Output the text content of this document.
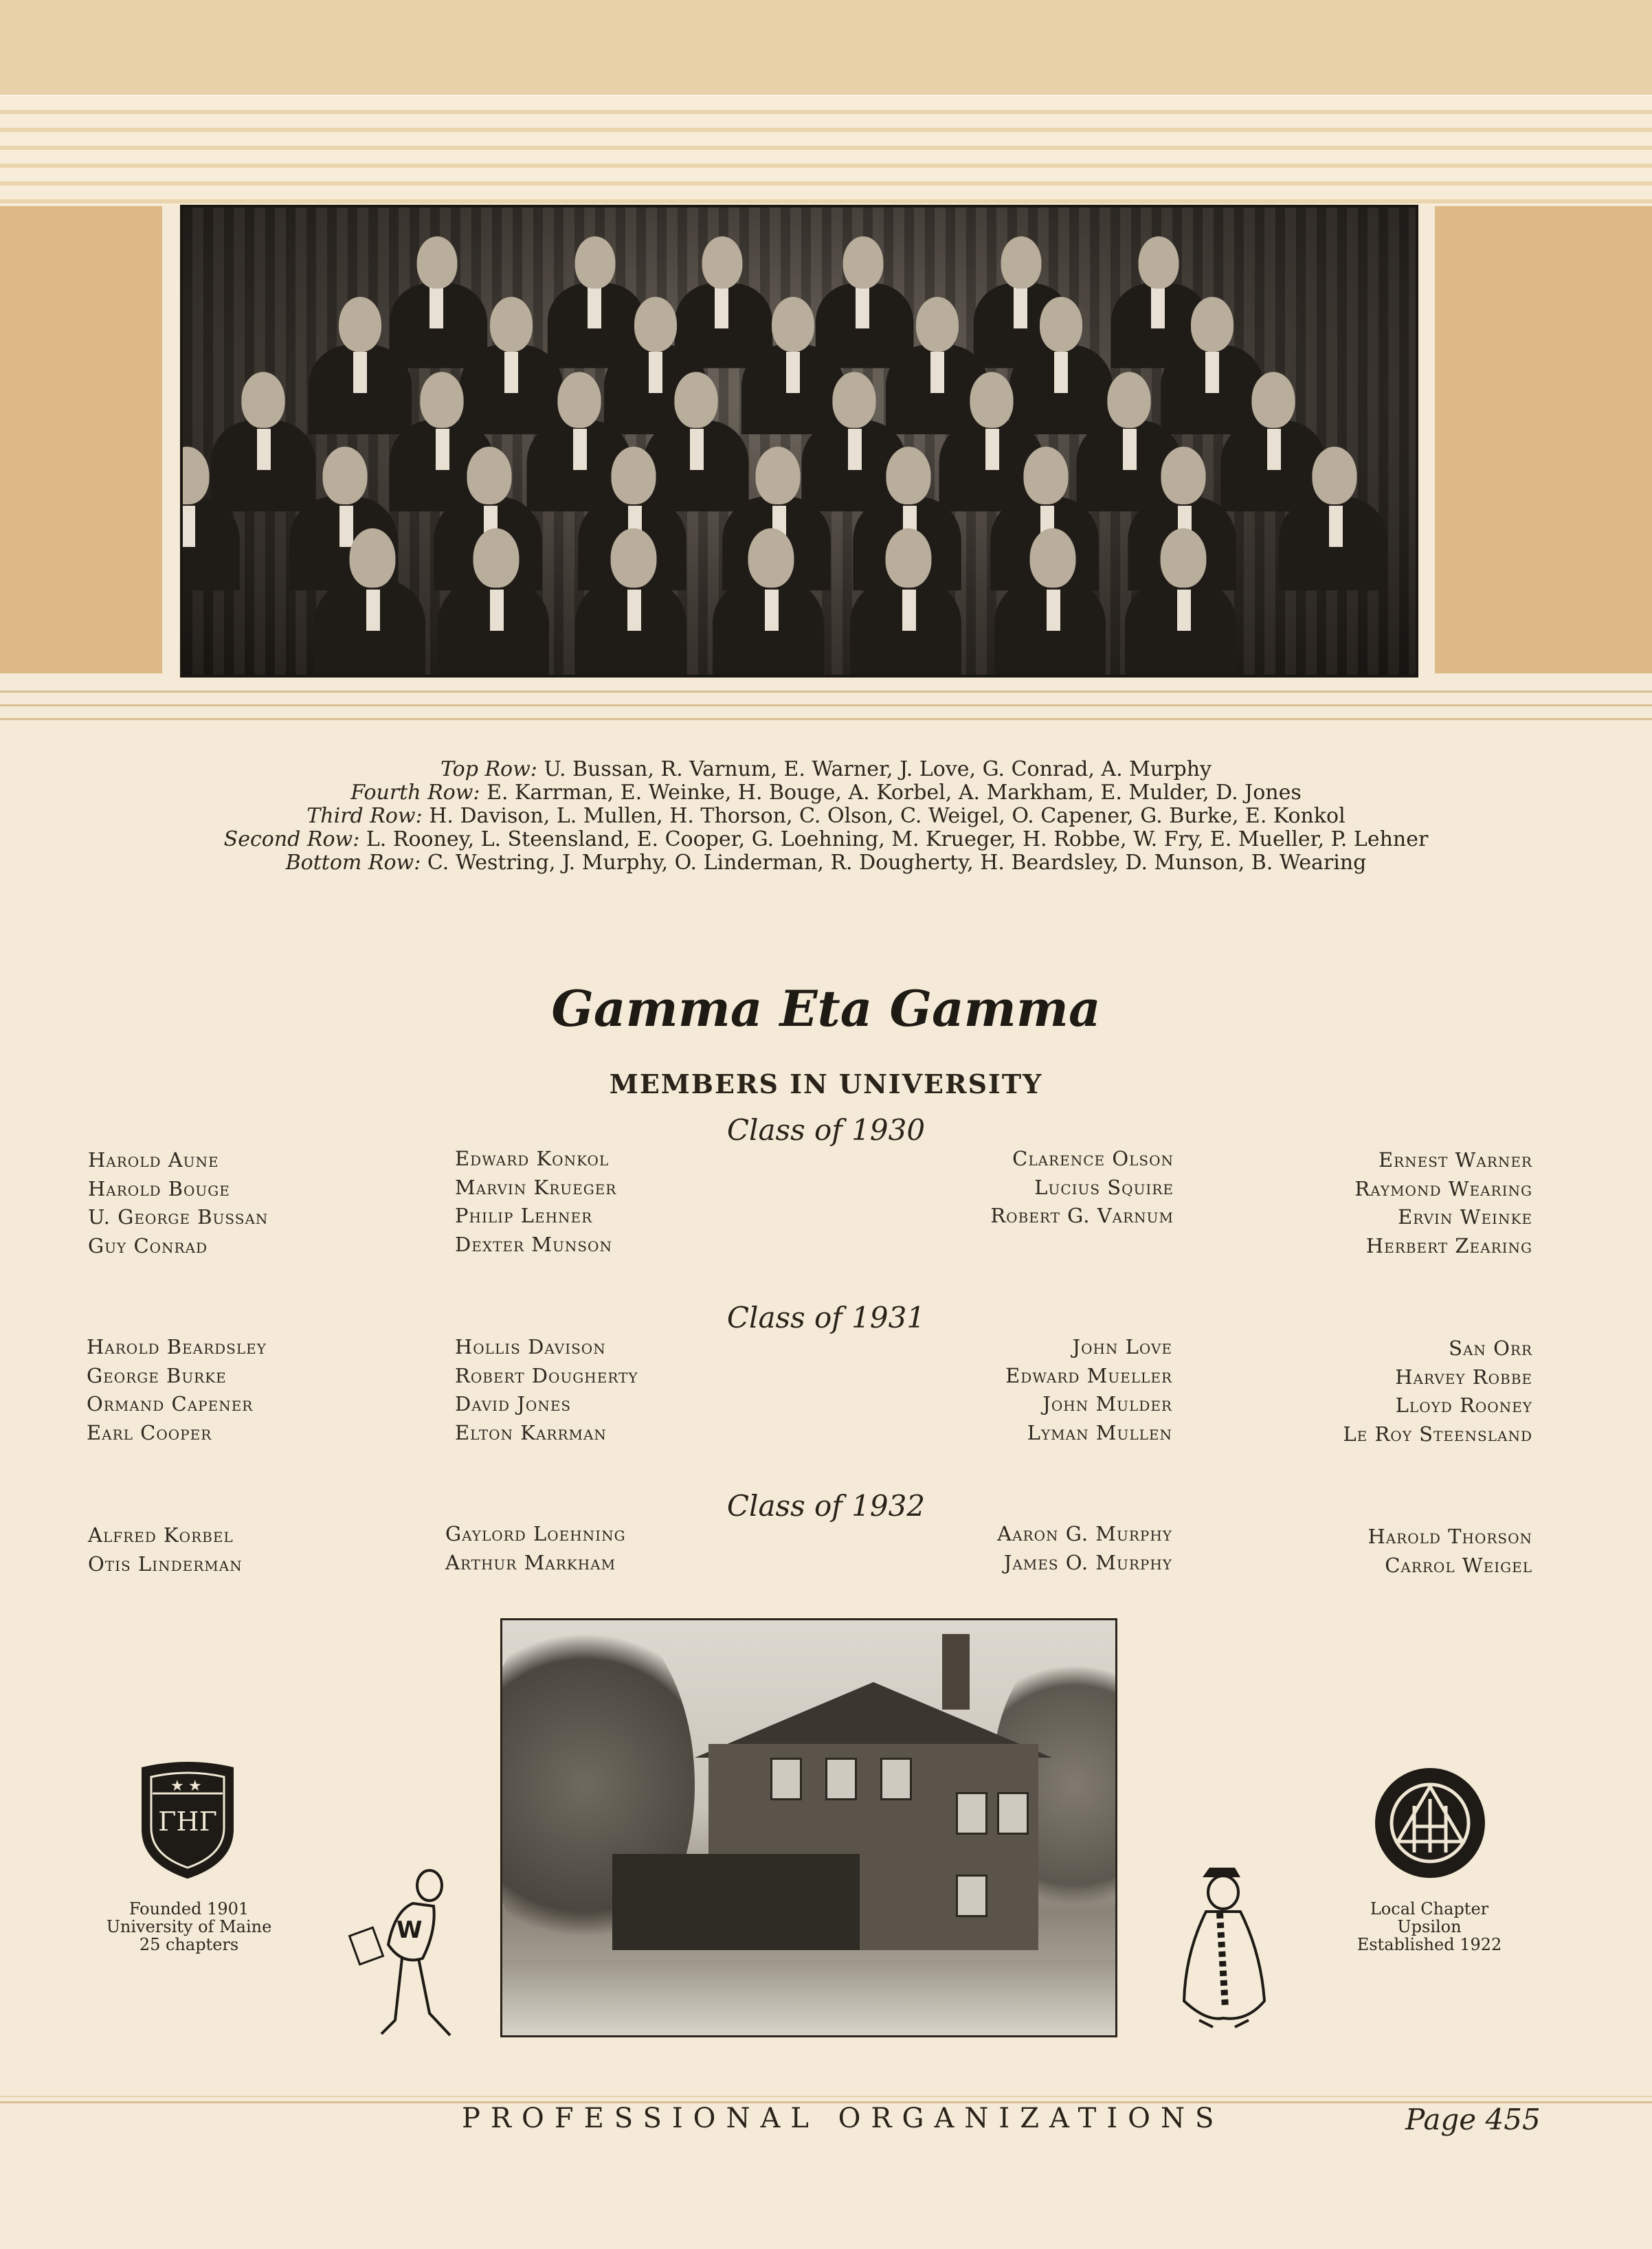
Top Row: U. Bussan, R. Varnum, E. Warner, J. Love, G. Conrad, A. Murphy
Fourth Row: E. Karrman, E. Weinke, H. Bouge, A. Korbel, A. Markham, E. Mulder, D. Jones
Third Row: H. Davison, L. Mullen, H. Thorson, C. Olson, C. Weigel, O. Capener, G. Burke, E. Konkol
Second Row: L. Rooney, L. Steensland, E. Cooper, G. Loehning, M. Krueger, H. Robbe, W. Fry, E. Mueller, P. Lehner
Bottom Row: C. Westring, J. Murphy, O. Linderman, R. Dougherty, H. Beardsley, D. Munson, B. Wearing
Gamma Eta Gamma
MEMBERS IN UNIVERSITY
Class of 1930
Harold Aune
Harold Bouge
U. George Bussan
Guy Conrad
Edward Konkol
Marvin Krueger
Philip Lehner
Dexter Munson
Clarence Olson
Lucius Squire
Robert G. Varnum
Ernest Warner
Raymond Wearing
Ervin Weinke
Herbert Zearing
Class of 1931
Harold Beardsley
George Burke
Ormand Capener
Earl Cooper
Hollis Davison
Robert Dougherty
David Jones
Elton Karrman
John Love
Edward Mueller
John Mulder
Lyman Mullen
San Orr
Harvey Robbe
Lloyd Rooney
Le Roy Steensland
Class of 1932
Alfred Korbel
Otis Linderman
Gaylord Loehning
Arthur Markham
Aaron G. Murphy
James O. Murphy
Harold Thorson
Carrol Weigel
★ ★
ΓΗΓ
Founded 1901
University of Maine
25 chapters
Local Chapter
Upsilon
Established 1922
W
PROFESSIONAL ORGANIZATIONS	Page 455
